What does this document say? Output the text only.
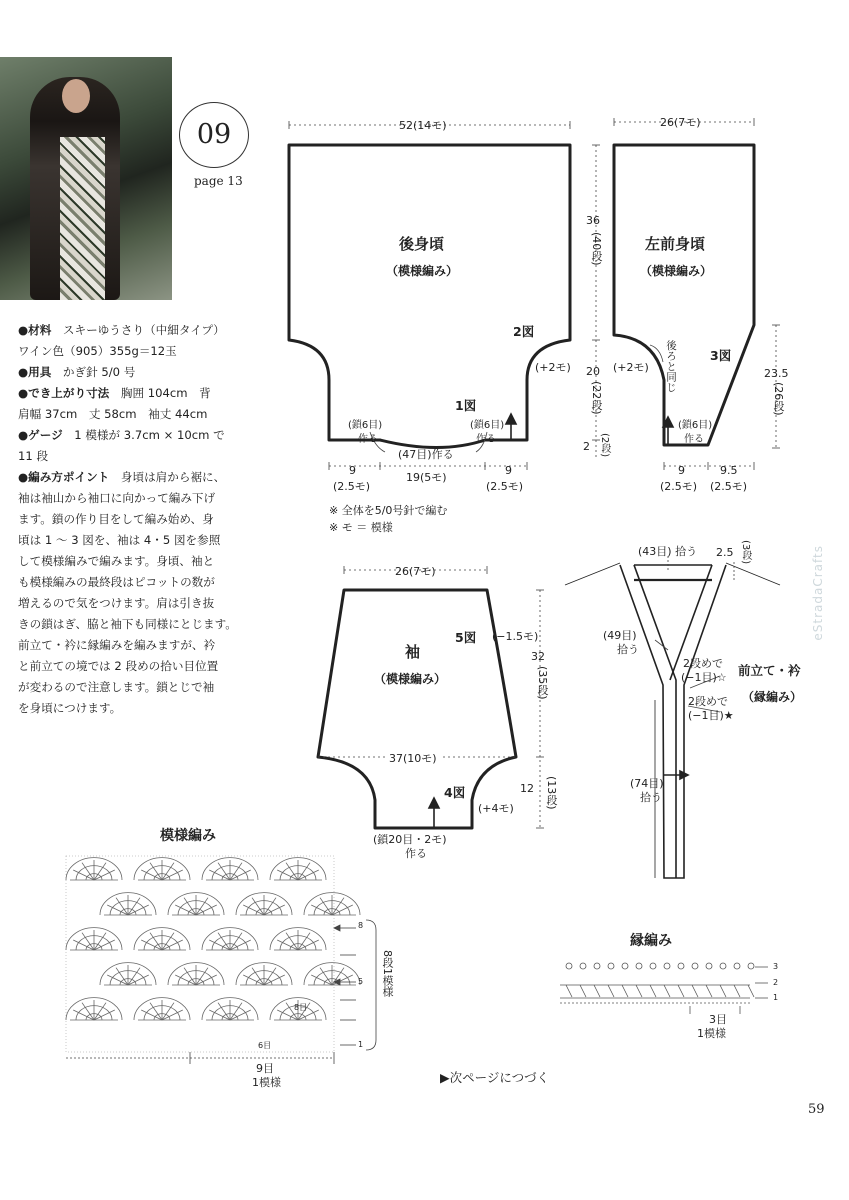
09
page 13

●材料　スキーゆうさり（中細タイプ）

ワイン色（905）355g＝12玉

●用具　かぎ針 5/0 号

●でき上がり寸法　胸囲 104cm　背

肩幅 37cm　丈 58cm　袖丈 44cm

●ゲージ　1 模様が 3.7cm × 10cm で

11 段

●編み方ポイント　身頃は肩から裾に、

袖は袖山から袖口に向かって編み下げ

ます。鎖の作り目をして編み始め、身

頃は 1 ～ 3 図を、袖は 4・5 図を参照

して模様編みで編みます。身頃、袖と

も模様編みの最終段はピコットの数が

増えるので気をつけます。肩は引き抜

きの鎖はぎ、脇と袖下も同様にとじます。

前立て・衿に縁編みを編みますが、衿

と前立ての境では 2 段めの拾い目位置

が変わるので注意します。鎖とじで袖

を身頃につけます。

52(14モ)
後身頃
（模様編み）
2図
1図
(+2モ)
36
(40段)
20
(22段)
2 (2段)
(鎖6目)
作る
(鎖6目)
作る
(47目)作る
9
(2.5モ)
19(5モ)
9
(2.5モ)
※ 全体を5/0号針で編む
※ モ ＝ 模様
26(7モ)
左前身頃
（模様編み）
(+2モ) 後ろと同じ	3図
23.5
(26段)
(鎖6目)
作る
9
(2.5モ)
9.5
(2.5モ)
26(7モ)
袖
（模様編み）
5図 (−1.5モ)
32
(35段)
37(10モ)
4図
(+4モ)
12 (13段)
(鎖20目・2モ)
作る
(43目) 拾う 2.5 (3段)
(49目)
拾う
2段めで
(−1目)☆ 前立て・衿
（縁編み）
2段めで
(−1目)★
(74目)
拾う
模様編み
8
5
1
8段1模様
8目
6目
9目
1模様
縁編み
3
2
1
3目
1模様
▶次ページにつづく
59
eStradaCrafts
